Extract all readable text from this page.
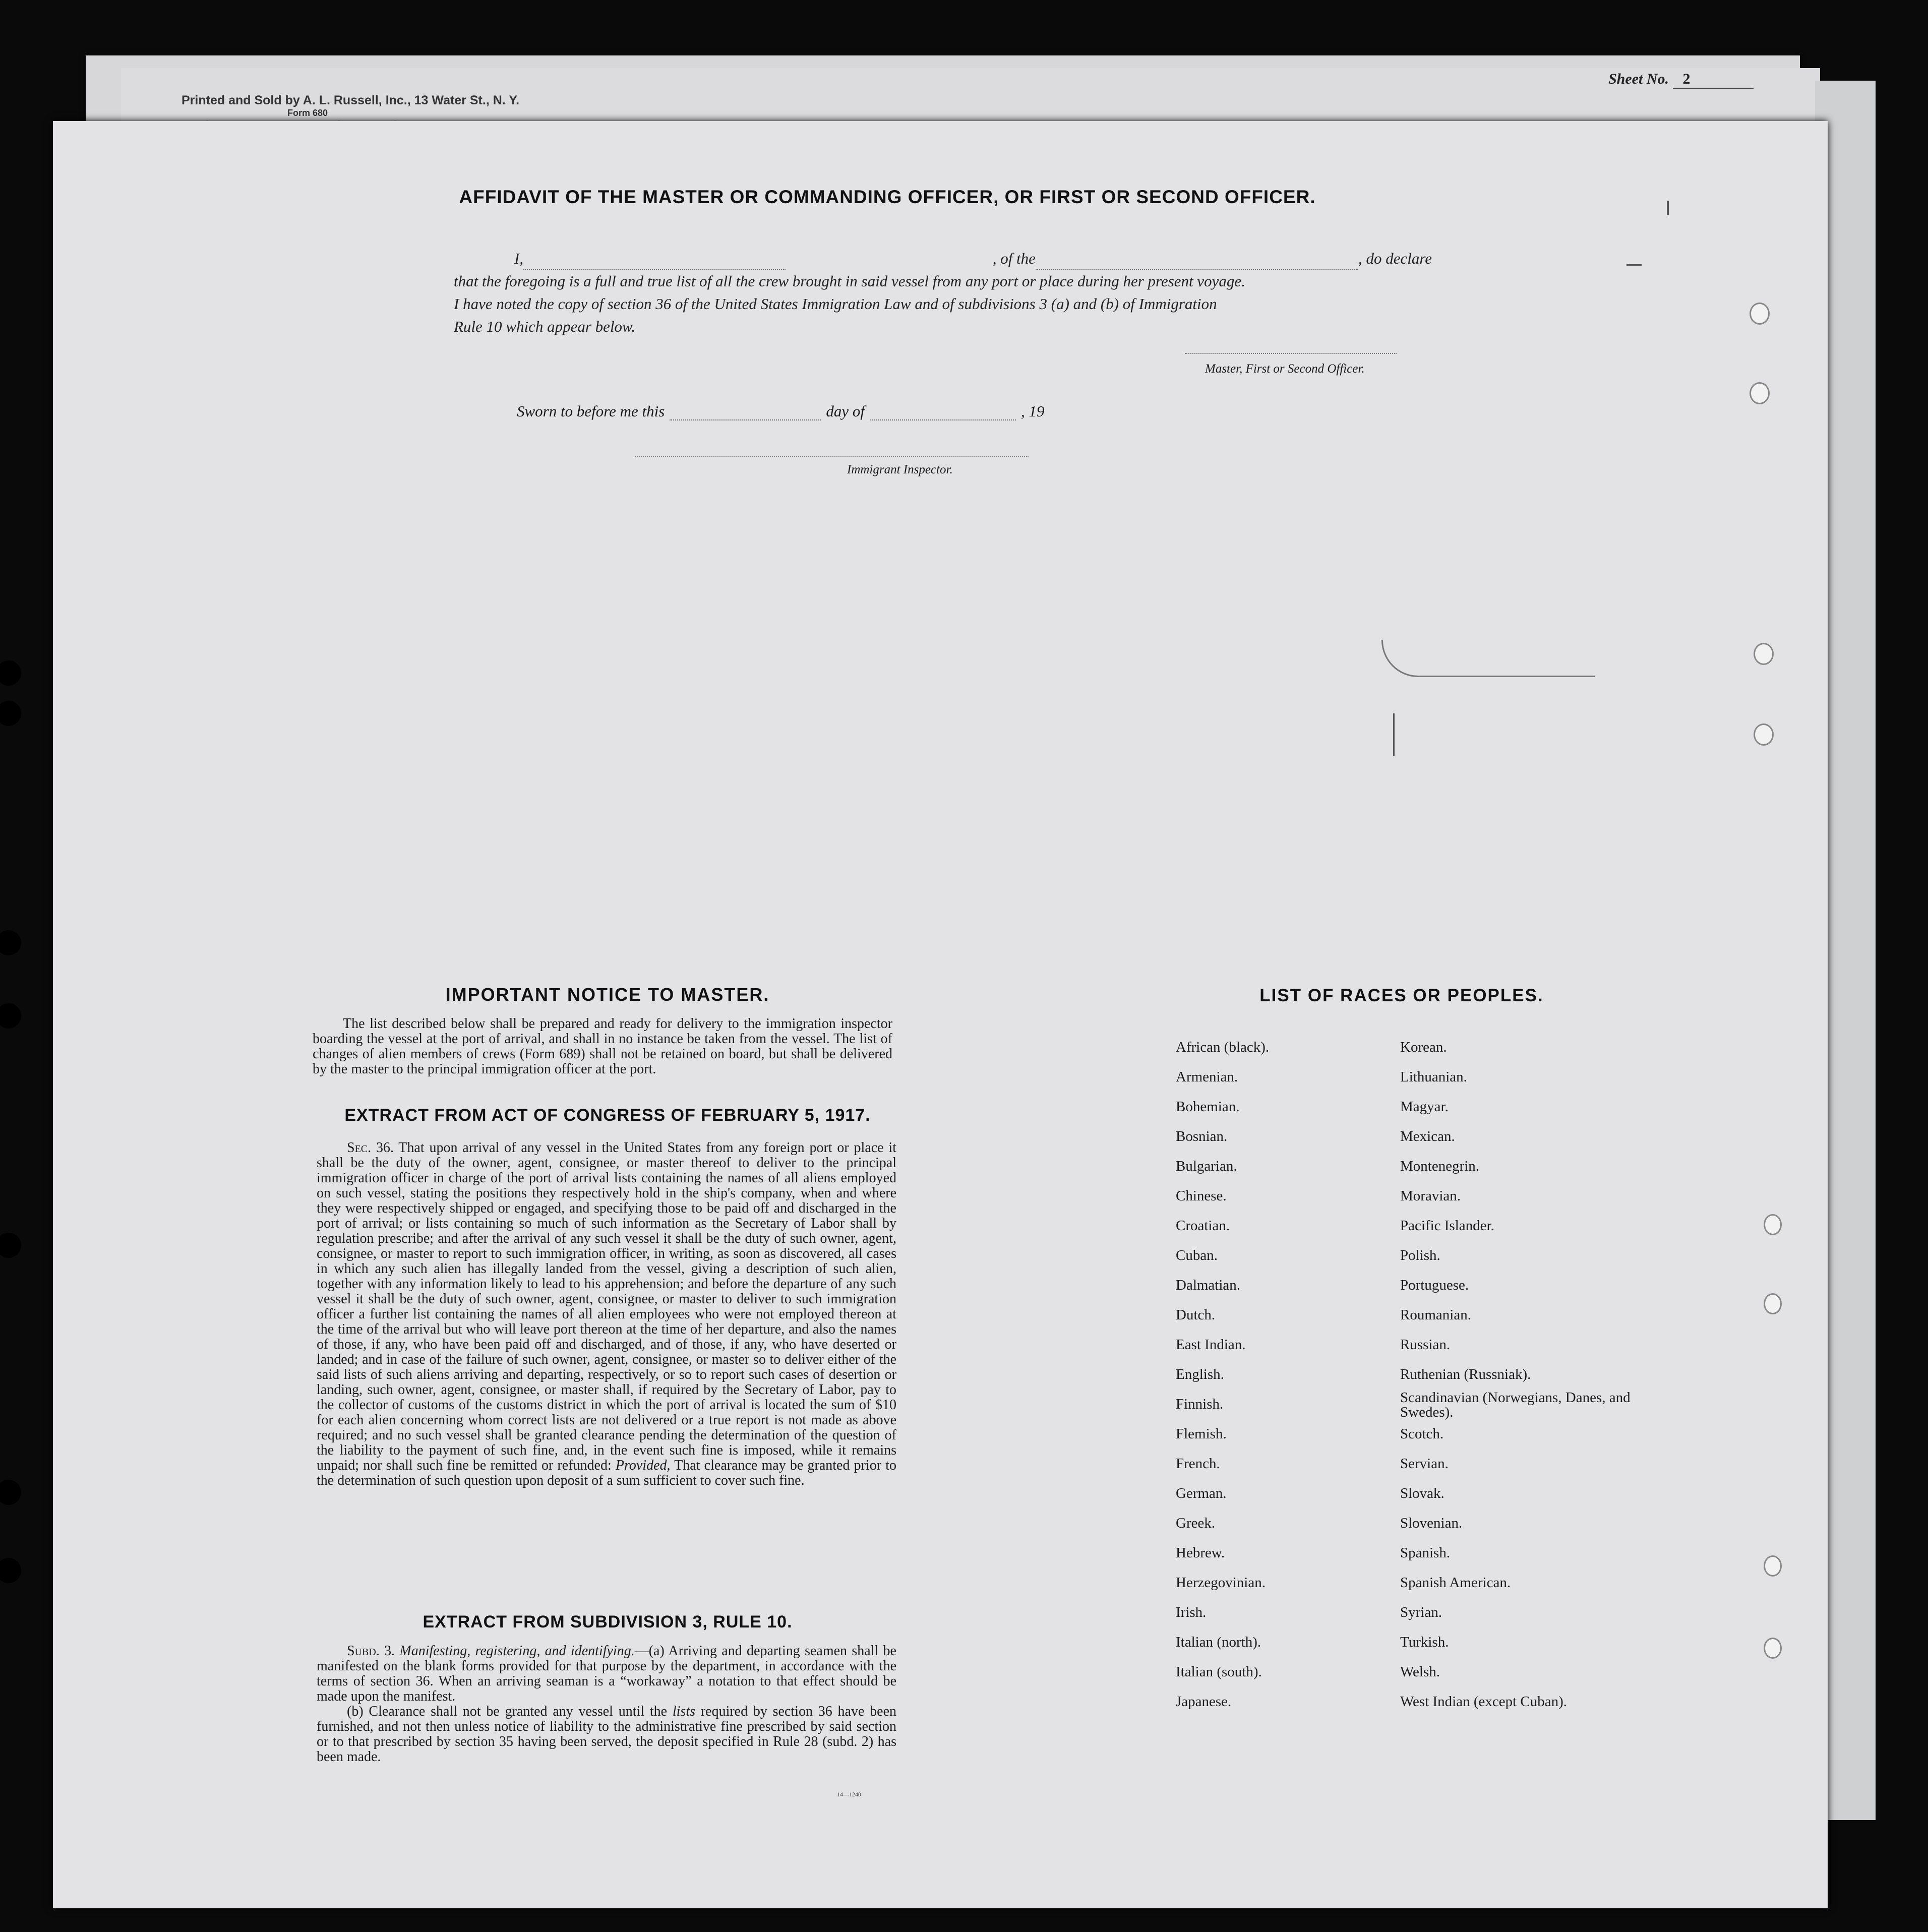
Printed and Sold by A. L. Russell, Inc., 13 Water St., N. Y.
Form 680
Sheet No. 2
AFFIDAVIT OF THE MASTER OR COMMANDING OFFICER, OR FIRST OR SECOND OFFICER.
I,	, of the	, do declare

that the foregoing is a full and true list of all the crew brought in said vessel from any port or place during her present voyage.

I have noted the copy of section 36 of the United States Immigration Law and of subdivisions 3 (a) and (b) of Immigration

Rule 10 which appear below.

Master, First or Second Officer.
Sworn to before me this	day of	, 19
Immigrant Inspector.
IMPORTANT NOTICE TO MASTER.

The list described below shall be prepared and ready for delivery to the immigration inspector boarding the vessel at the port of arrival, and shall in no instance be taken from the vessel. The list of changes of alien members of crews (Form 689) shall not be retained on board, but shall be delivered by the master to the principal immigration officer at the port.

EXTRACT FROM ACT OF CONGRESS OF FEBRUARY 5, 1917.

Sec. 36. That upon arrival of any vessel in the United States from any foreign port or place it shall be the duty of the owner, agent, consignee, or master thereof to deliver to the principal immigration officer in charge of the port of arrival lists containing the names of all aliens employed on such vessel, stating the positions they respectively hold in the ship's company, when and where they were respectively shipped or engaged, and specifying those to be paid off and discharged in the port of arrival; or lists containing so much of such information as the Secretary of Labor shall by regulation prescribe; and after the arrival of any such vessel it shall be the duty of such owner, agent, consignee, or master to report to such immigration officer, in writing, as soon as discovered, all cases in which any such alien has illegally landed from the vessel, giving a description of such alien, together with any information likely to lead to his apprehension; and before the departure of any such vessel it shall be the duty of such owner, agent, consignee, or master to deliver to such immigration officer a further list containing the names of all alien employees who were not employed thereon at the time of the arrival but who will leave port thereon at the time of her departure, and also the names of those, if any, who have been paid off and discharged, and of those, if any, who have deserted or landed; and in case of the failure of such owner, agent, consignee, or master so to deliver either of the said lists of such aliens arriving and departing, respectively, or so to report such cases of desertion or landing, such owner, agent, consignee, or master shall, if required by the Secretary of Labor, pay to the collector of customs of the customs district in which the port of arrival is located the sum of $10 for each alien concerning whom correct lists are not delivered or a true report is not made as above required; and no such vessel shall be granted clearance pending the determination of the question of the liability to the payment of such fine, and, in the event such fine is imposed, while it remains unpaid; nor shall such fine be remitted or refunded: Provided, That clearance may be granted prior to the determination of such question upon deposit of a sum sufficient to cover such fine.

EXTRACT FROM SUBDIVISION 3, RULE 10.

Subd. 3. Manifesting, registering, and identifying.—(a) Arriving and departing seamen shall be manifested on the blank forms provided for that purpose by the department, in accordance with the terms of section 36. When an arriving seaman is a “workaway” a notation to that effect should be made upon the manifest.

(b) Clearance shall not be granted any vessel until the lists required by section 36 have been furnished, and not then unless notice of liability to the administrative fine prescribed by said section or to that prescribed by section 35 having been served, the deposit specified in Rule 28 (subd. 2) has been made.

14—1240
LIST OF RACES OR PEOPLES.
African (black).
Armenian.
Bohemian.
Bosnian.
Bulgarian.
Chinese.
Croatian.
Cuban.
Dalmatian.
Dutch.
East Indian.
English.
Finnish.
Flemish.
French.
German.
Greek.
Hebrew.
Herzegovinian.
Irish.
Italian (north).
Italian (south).
Japanese.
Korean.
Lithuanian.
Magyar.
Mexican.
Montenegrin.
Moravian.
Pacific Islander.
Polish.
Portuguese.
Roumanian.
Russian.
Ruthenian (Russniak).
Scandinavian (Norwegians, Danes, and Swedes).
Scotch.
Servian.
Slovak.
Slovenian.
Spanish.
Spanish American.
Syrian.
Turkish.
Welsh.
West Indian (except Cuban).
